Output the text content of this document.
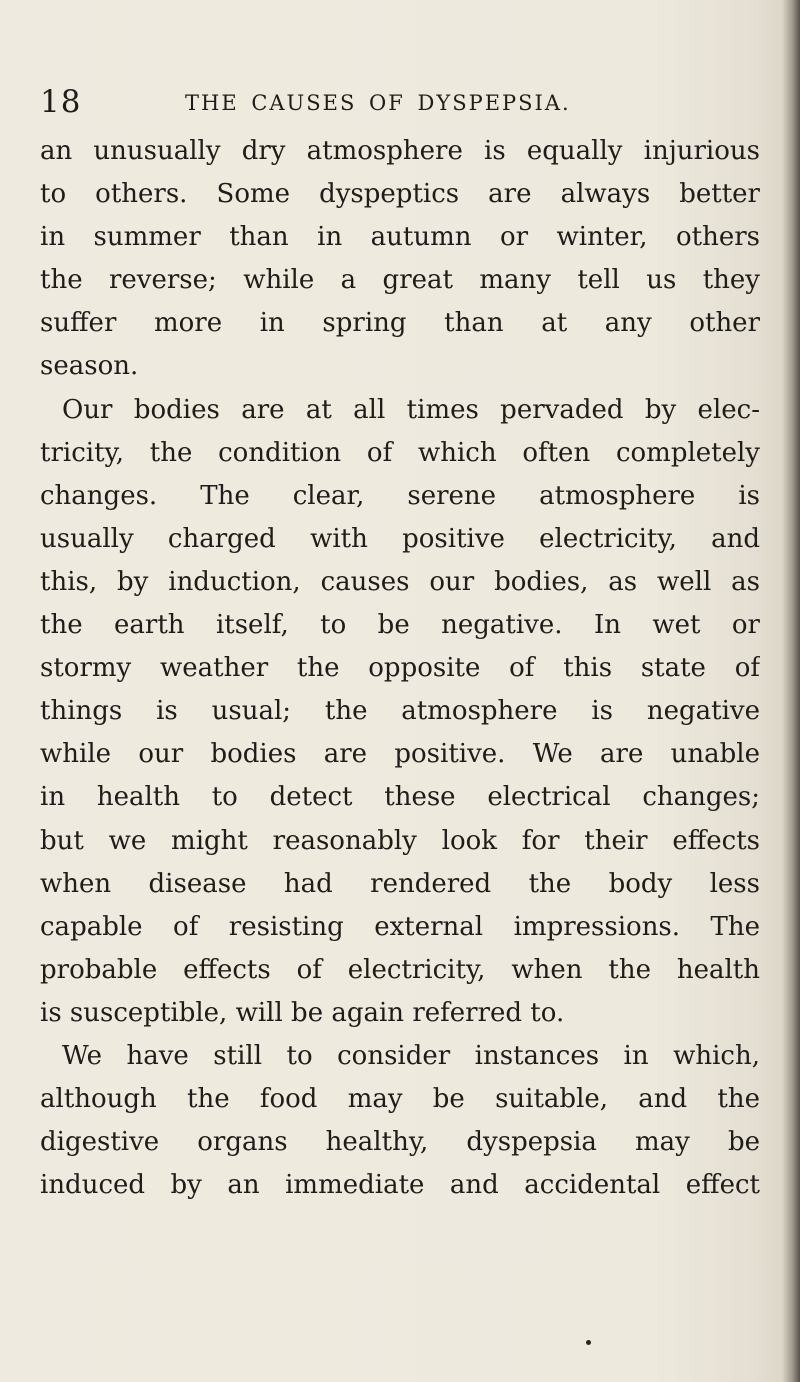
18	THE CAUSES OF DYSPEPSIA.
an unusually dry atmosphere is equally injurious
to others. Some dyspeptics are always better
in summer than in autumn or winter, others
the reverse; while a great many tell us they
suffer more in spring than at any other
season.
Our bodies are at all times pervaded by elec-
tricity, the condition of which often completely
changes. The clear, serene atmosphere is
usually charged with positive electricity, and
this, by induction, causes our bodies, as well as
the earth itself, to be negative. In wet or
stormy weather the opposite of this state of
things is usual; the atmosphere is negative
while our bodies are positive. We are unable
in health to detect these electrical changes;
but we might reasonably look for their effects
when disease had rendered the body less
capable of resisting external impressions. The
probable effects of electricity, when the health
is susceptible, will be again referred to.
We have still to consider instances in which,
although the food may be suitable, and the
digestive organs healthy, dyspepsia may be
induced by an immediate and accidental effect
